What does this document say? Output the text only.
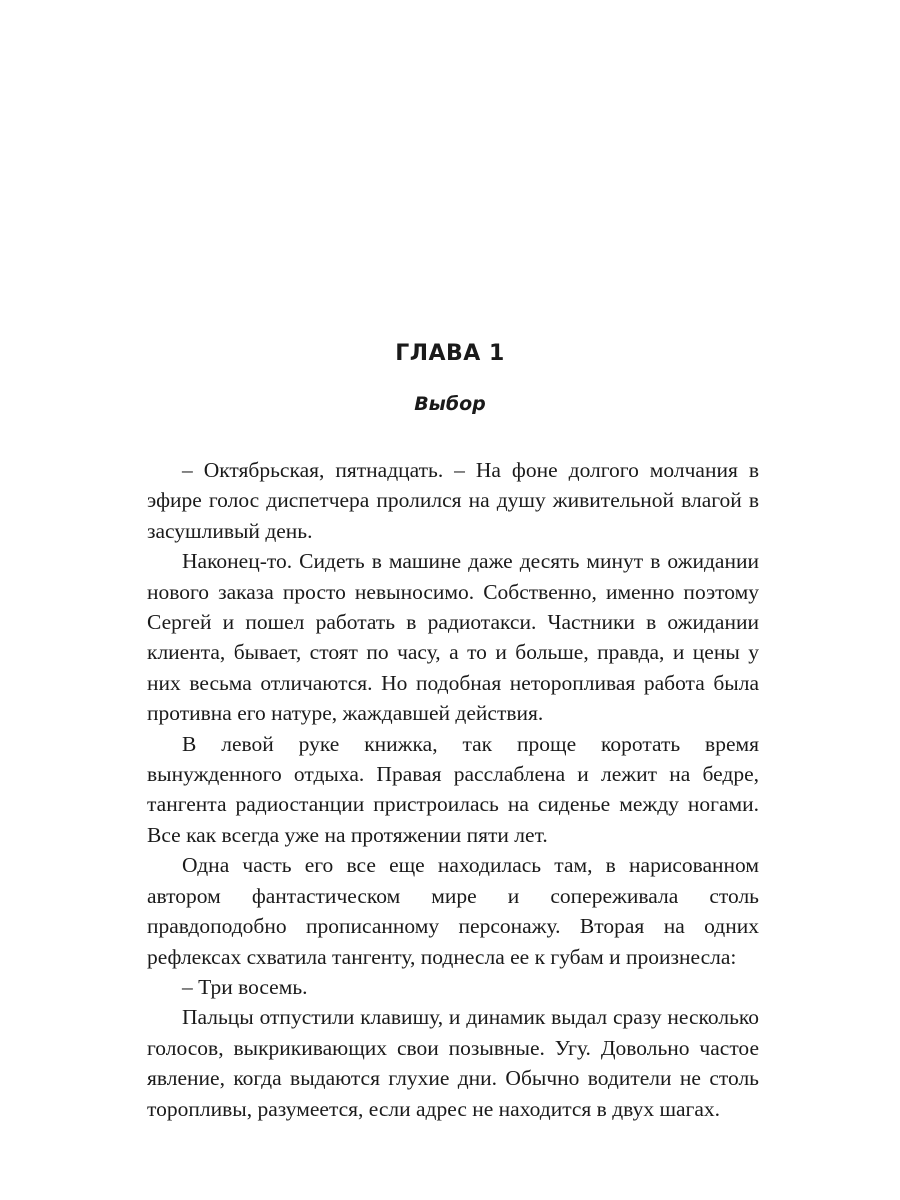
ГЛАВА 1
Выбор

– Октябрьская, пятнадцать. – На фоне долгого молчания в эфире голос диспетчера пролился на душу живительной влагой в засушливый день.

Наконец-то. Сидеть в машине даже десять минут в ожидании нового заказа просто невыносимо. Собственно, именно поэтому Сергей и пошел работать в радиотакси. Частники в ожидании клиента, бывает, стоят по часу, а то и больше, правда, и цены у них весьма отличаются. Но подобная неторопливая работа была противна его натуре, жаждавшей действия.

В левой руке книжка, так проще коротать время вынужденного отдыха. Правая расслаблена и лежит на бедре, тангента радиостанции пристроилась на сиденье между ногами. Все как всегда уже на протяжении пяти лет.

Одна часть его все еще находилась там, в нарисованном автором фантастическом мире и сопереживала столь правдоподобно прописанному персонажу. Вторая на одних рефлексах схватила тангенту, поднесла ее к губам и произнесла:

– Три восемь.

Пальцы отпустили клавишу, и динамик выдал сразу несколько голосов, выкрикивающих свои позывные. Угу. Довольно частое явление, когда выдаются глухие дни. Обычно водители не столь торопливы, разумеется, если адрес не находится в двух шагах.
